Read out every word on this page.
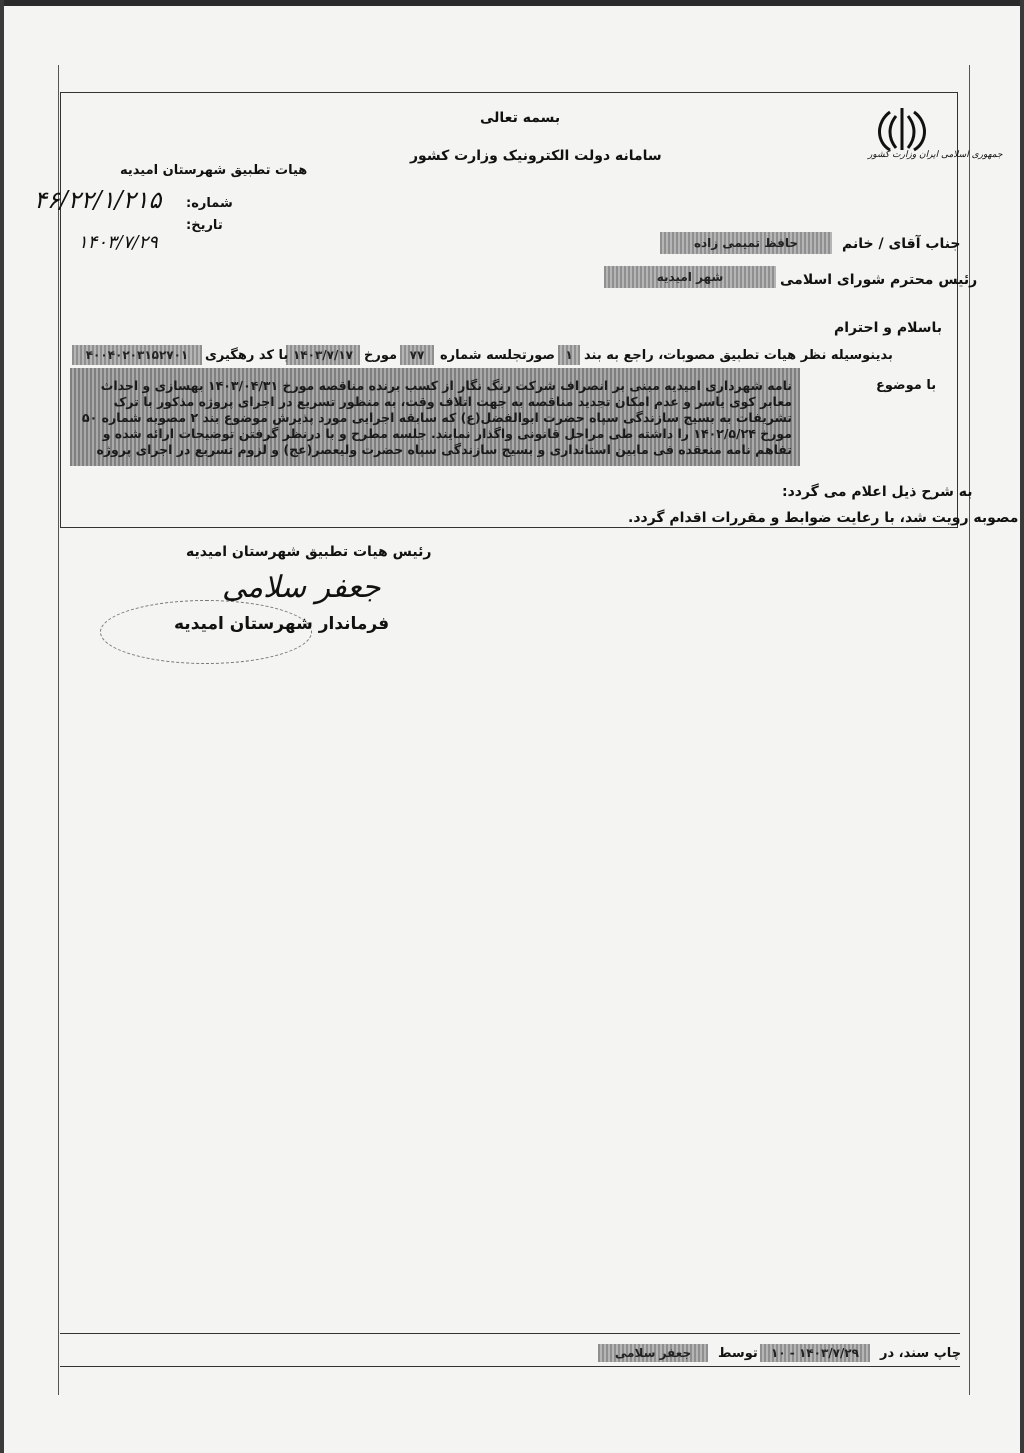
جمهوری اسلامی ایران وزارت کشور
بسمه تعالی
سامانه دولت الکترونیک وزارت کشور
هیات تطبیق شهرستان امیدیه
شماره:
۴۶/۲۲/۱/۲۱۵
تاریخ:
۱۴۰۳/۷/۲۹	جناب آقای / خانم
حافظ تمیمی زاده
رئیس محترم شورای اسلامی
شهر امیدیه
باسلام و احترام
بدینوسیله نظر هیات تطبیق مصوبات، راجع به بند
۱
صورتجلسه شماره
۷۷
مورخ
۱۴۰۳/۷/۱۷
با کد رهگیری
۴۰۰۴۰۲۰۳۱۵۲۷۰۱
با موضوع
نامه شهرداری امیدیه مبنی بر انصراف شرکت رنگ نگار از کسب برنده مناقصه مورخ ۱۴۰۳/۰۴/۳۱ بهسازی و احداث معابر کوی یاسر و عدم امکان تجدید مناقصه به جهت اتلاف وقت، به منظور تسریع در اجرای پروژه مذکور با ترک تشریفات به بسیج سازندگی سپاه حضرت ابوالفضل(ع) که سابقه اجرایی مورد پذیرش موضوع بند ۲ مصوبه شماره ۵۰ مورخ ۱۴۰۲/۵/۲۴ را داشته طی مراحل قانونی واگذار نمایند. جلسه مطرح و با درنظر گرفتن توضیحات ارائه شده و تفاهم نامه منعقده فی مابین استانداری و بسیج سازندگی سپاه حضرت ولیعصر(عج) و لزوم تسریع در اجرای پروژه
به شرح ذیل اعلام می گردد:
مصوبه رویت شد، با رعایت ضوابط و مقررات اقدام گردد.
رئیس هیات تطبیق شهرستان امیدیه
جعفر سلامی
فرماندار شهرستان امیدیه
چاپ سند، در
۱۴۰۳/۷/۲۹ - ۱۰
توسط
جعفر سلامی
